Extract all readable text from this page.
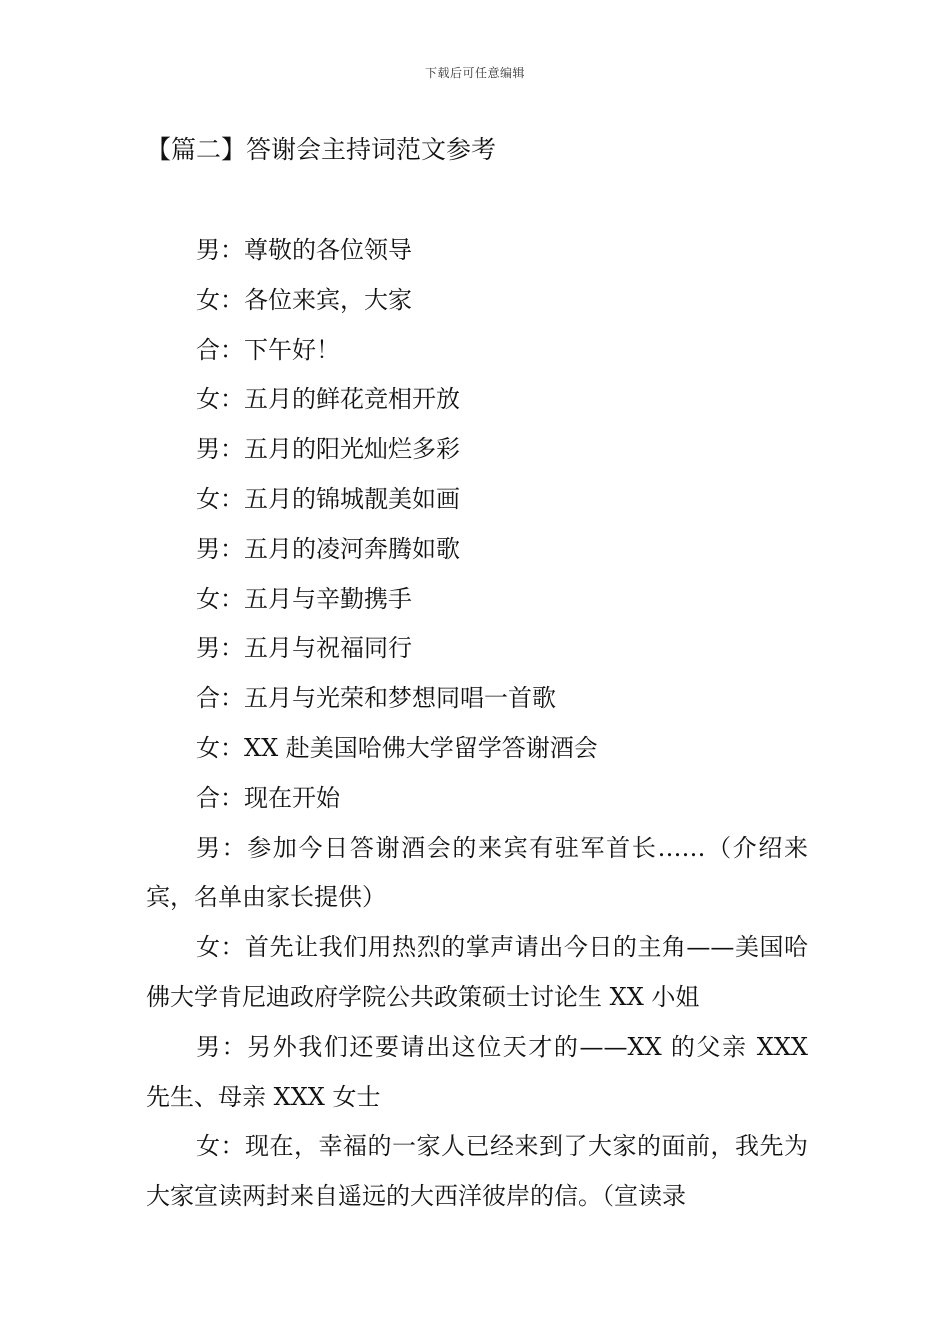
下载后可任意编辑
【篇二】答谢会主持词范文参考

男：尊敬的各位领导

女：各位来宾，大家

合：下午好！

女：五月的鲜花竞相开放

男：五月的阳光灿烂多彩

女：五月的锦城靓美如画

男：五月的凌河奔腾如歌

女：五月与辛勤携手

男：五月与祝福同行

合：五月与光荣和梦想同唱一首歌

女：XX 赴美国哈佛大学留学答谢酒会

合：现在开始

男：参加今日答谢酒会的来宾有驻军首长……（介绍来宾，名单由家长提供）

女：首先让我们用热烈的掌声请出今日的主角——美国哈佛大学肯尼迪政府学院公共政策硕士讨论生 XX 小姐

男：另外我们还要请出这位天才的——XX 的父亲 XXX 先生、母亲 XXX 女士

女：现在，幸福的一家人已经来到了大家的面前，我先为大家宣读两封来自遥远的大西洋彼岸的信。（宣读录
